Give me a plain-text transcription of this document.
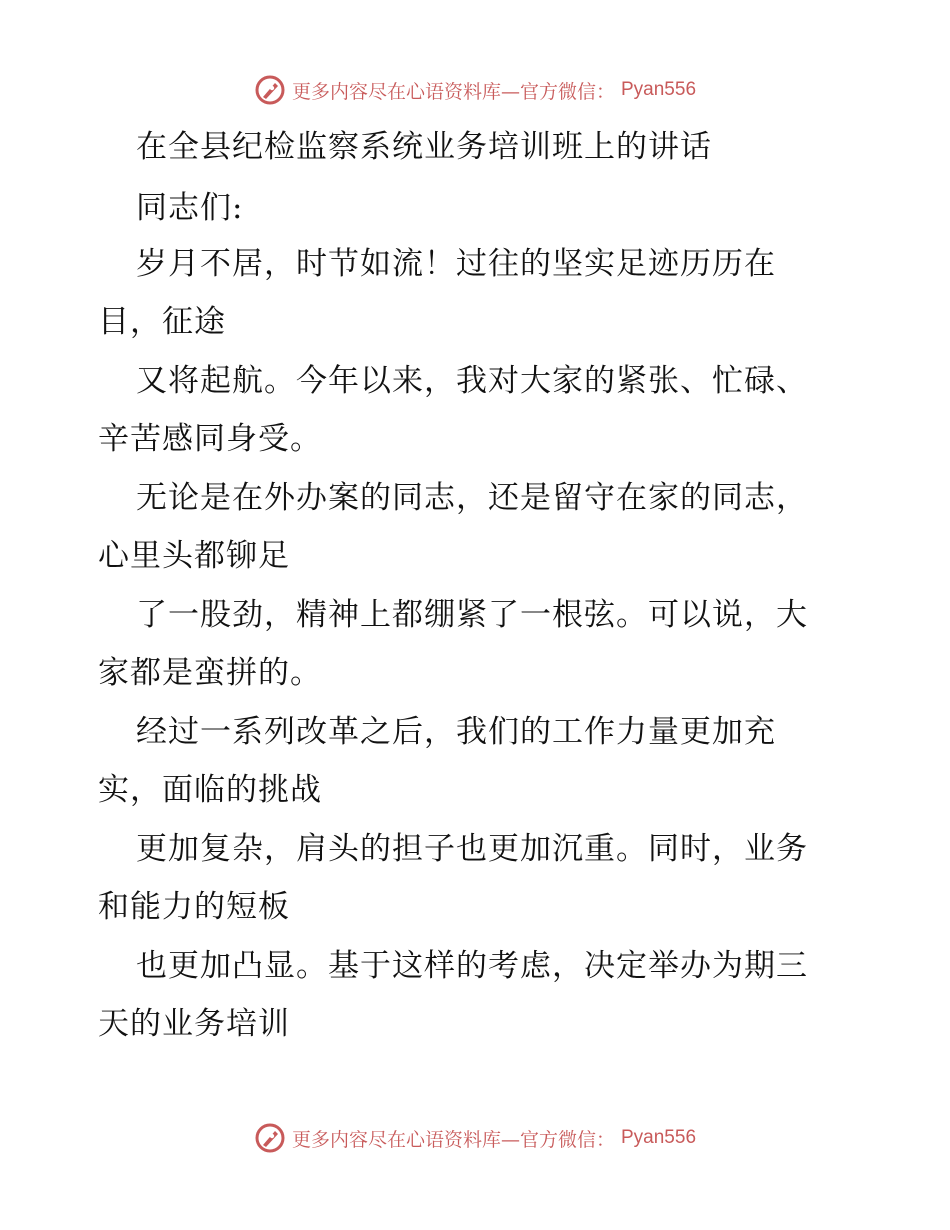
更多内容尽在心语资料库—官方微信： Pyan556
在全县纪检监察系统业务培训班上的讲话
同志们:
岁月不居，时节如流！过往的坚实足迹历历在
目，征途
又将起航。今年以来，我对大家的紧张、忙碌、
辛苦感同身受。
无论是在外办案的同志，还是留守在家的同志，
心里头都铆足
了一股劲，精神上都绷紧了一根弦。可以说，大
家都是蛮拼的。
经过一系列改革之后，我们的工作力量更加充
实，面临的挑战
更加复杂，肩头的担子也更加沉重。同时，业务
和能力的短板
也更加凸显。基于这样的考虑，决定举办为期三
天的业务培训
更多内容尽在心语资料库—官方微信： Pyan556
